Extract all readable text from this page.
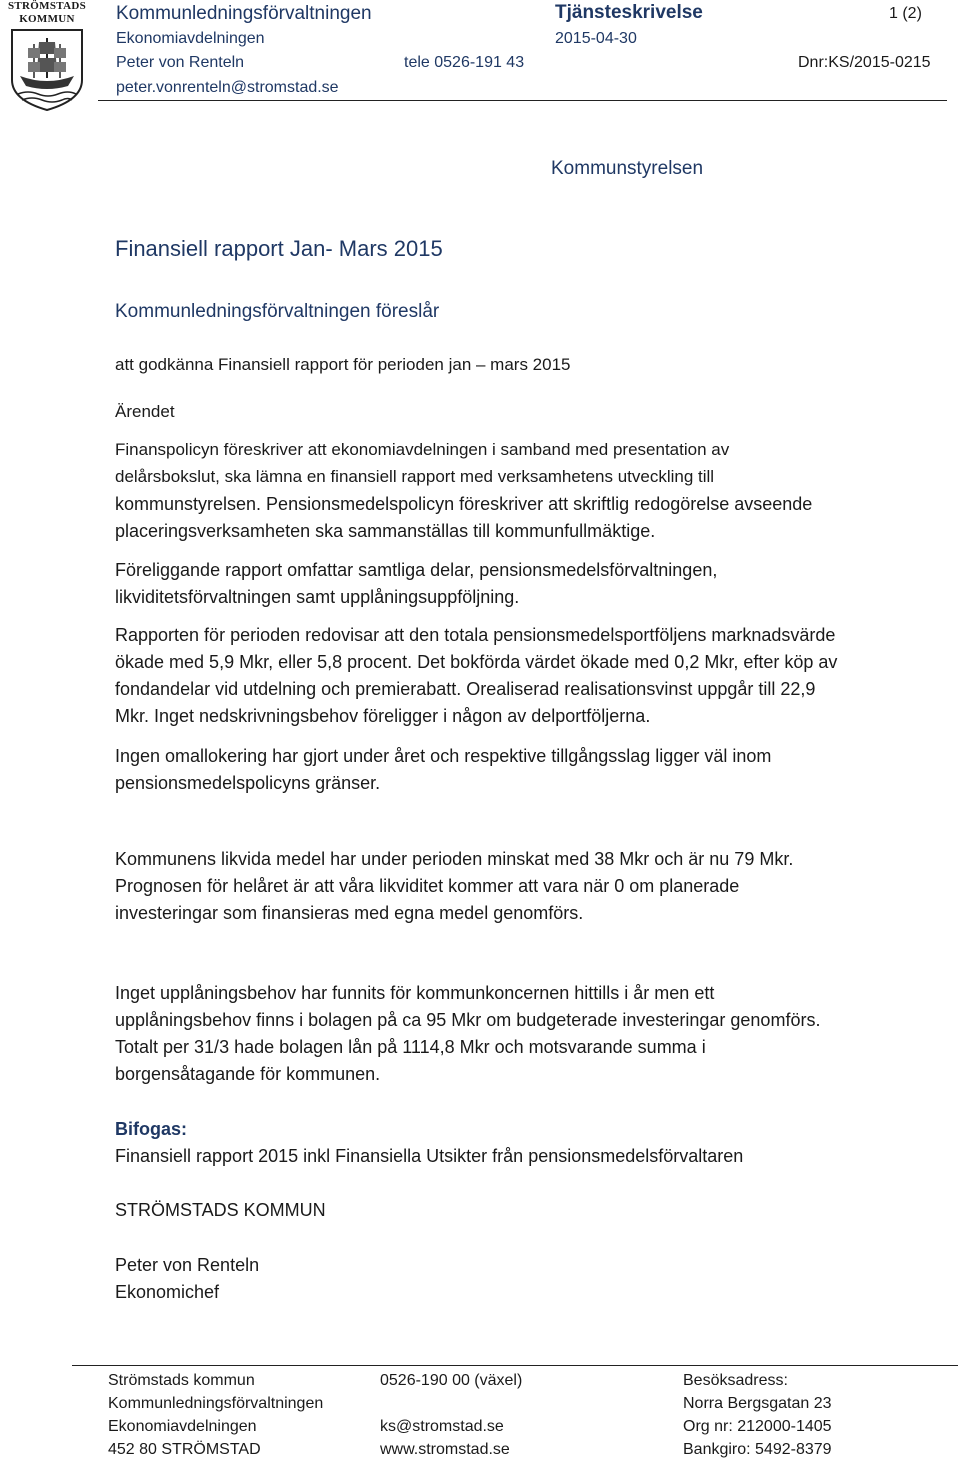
STRÖMSTADS
KOMMUN	Kommunledningsförvaltningen
Ekonomiavdelningen
Peter von Renteln
peter.vonrenteln@stromstad.se
tele 0526-191 43
Tjänsteskrivelse
2015-04-30
1 (2)
Dnr:KS/2015-0215
Kommunstyrelsen
Finansiell rapport Jan- Mars 2015
Kommunledningsförvaltningen föreslår
att godkänna Finansiell rapport för perioden jan – mars 2015
Ärendet
Finanspolicyn föreskriver att ekonomiavdelningen i samband med presentation av
delårsbokslut, ska lämna en finansiell rapport med verksamhetens utveckling till
kommunstyrelsen. Pensionsmedelspolicyn föreskriver att skriftlig redogörelse avseende
placeringsverksamheten ska sammanställas till kommunfullmäktige.
Föreliggande rapport omfattar samtliga delar, pensionsmedelsförvaltningen,
likviditetsförvaltningen samt upplåningsuppföljning.
Rapporten för perioden redovisar att den totala pensionsmedelsportföljens marknadsvärde
ökade med 5,9 Mkr, eller 5,8 procent. Det bokförda värdet ökade med 0,2 Mkr, efter köp av
fondandelar vid utdelning och premierabatt. Orealiserad realisationsvinst uppgår till 22,9
Mkr. Inget nedskrivningsbehov föreligger i någon av delportföljerna.
Ingen omallokering har gjort under året och respektive tillgångsslag ligger väl inom
pensionsmedelspolicyns gränser.
Kommunens likvida medel har under perioden minskat med 38 Mkr och är nu 79 Mkr.
Prognosen för helåret är att våra likviditet kommer att vara när 0 om planerade
investeringar som finansieras med egna medel genomförs.
Inget upplåningsbehov har funnits för kommunkoncernen hittills i år men ett
upplåningsbehov finns i bolagen på ca 95 Mkr om budgeterade investeringar genomförs.
Totalt per 31/3 hade bolagen lån på 1114,8 Mkr och motsvarande summa i
borgensåtagande för kommunen.
Bifogas:
Finansiell rapport 2015 inkl Finansiella Utsikter från pensionsmedelsförvaltaren
STRÖMSTADS KOMMUN
Peter von Renteln
Ekonomichef
Strömstads kommun
Kommunledningsförvaltningen
Ekonomiavdelningen
452 80 STRÖMSTAD
0526-190 00 (växel)
ks@stromstad.se
www.stromstad.se
Besöksadress:
Norra Bergsgatan 23
Org nr: 212000-1405
Bankgiro: 5492-8379
